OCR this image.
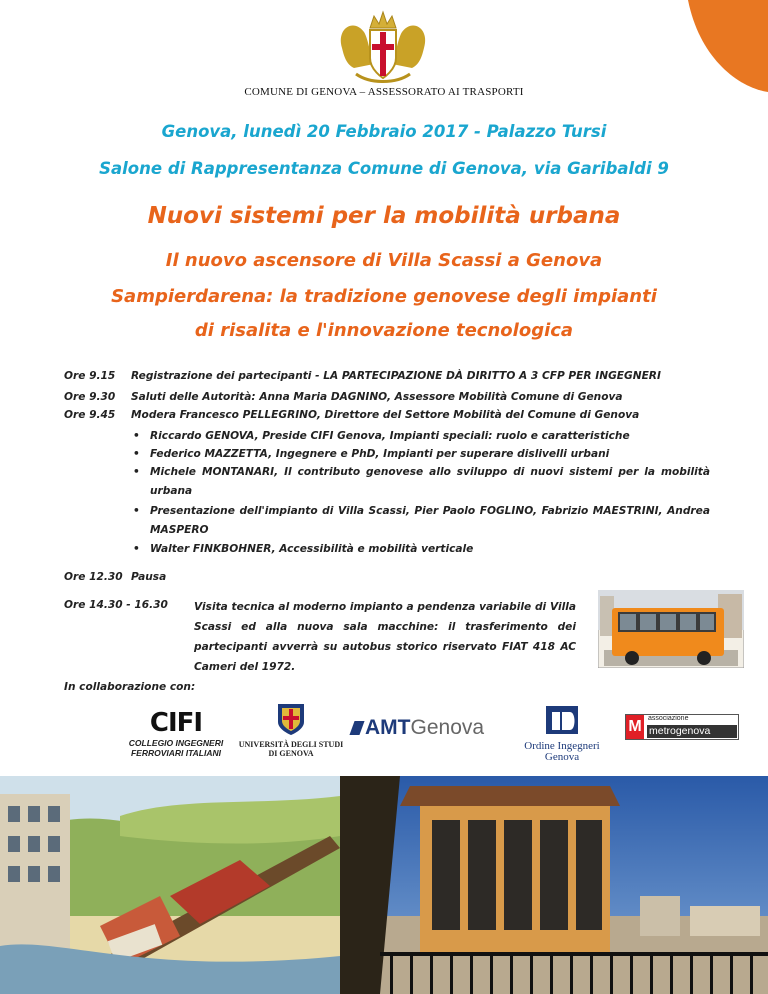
COMUNE DI GENOVA – ASSESSORATO AI TRASPORTI
Genova, lunedì 20 Febbraio 2017 - Palazzo Tursi
Salone di Rappresentanza Comune di Genova, via Garibaldi 9
Nuovi sistemi per la mobilità urbana
Il nuovo ascensore di Villa Scassi a Genova
Sampierdarena: la tradizione genovese degli impianti
di risalita e l'innovazione tecnologica
Ore 9.15 Registrazione dei partecipanti - LA PARTECIPAZIONE DÀ DIRITTO A 3 CFP PER INGEGNERI
Ore 9.30 Saluti delle Autorità: Anna Maria DAGNINO, Assessore Mobilità Comune di Genova
Ore 9.45 Modera Francesco PELLEGRINO, Direttore del Settore Mobilità del Comune di Genova
• Riccardo GENOVA, Preside CIFI Genova, Impianti speciali: ruolo e caratteristiche
• Federico MAZZETTA, Ingegnere e PhD, Impianti per superare dislivelli urbani
• Michele MONTANARI, Il contributo genovese allo sviluppo di nuovi sistemi per la mobilità urbana
• Presentazione dell'impianto di Villa Scassi, Pier Paolo FOGLINO, Fabrizio MAESTRINI, Andrea MASPERO
• Walter FINKBOHNER, Accessibilità e mobilità verticale
Ore 12.30 Pausa
Ore 14.30 - 16.30 Visita tecnica al moderno impianto a pendenza variabile di Villa Scassi ed alla nuova sala macchine: il trasferimento dei partecipanti avverrà su autobus storico riservato FIAT 418 AC Cameri del 1972.
In collaborazione con:
CIFI
COLLEGIO INGEGNERI
FERROVIARI ITALIANI
UNIVERSITÀ DEGLI STUDI
DI GENOVA
AMTGenova
Ordine Ingegneri
Genova
M associazione
metrogenova
